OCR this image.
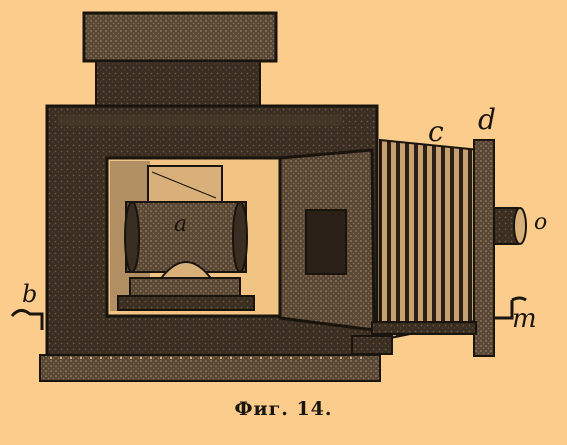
c d
a
b
o
m
Фиг. 14.
